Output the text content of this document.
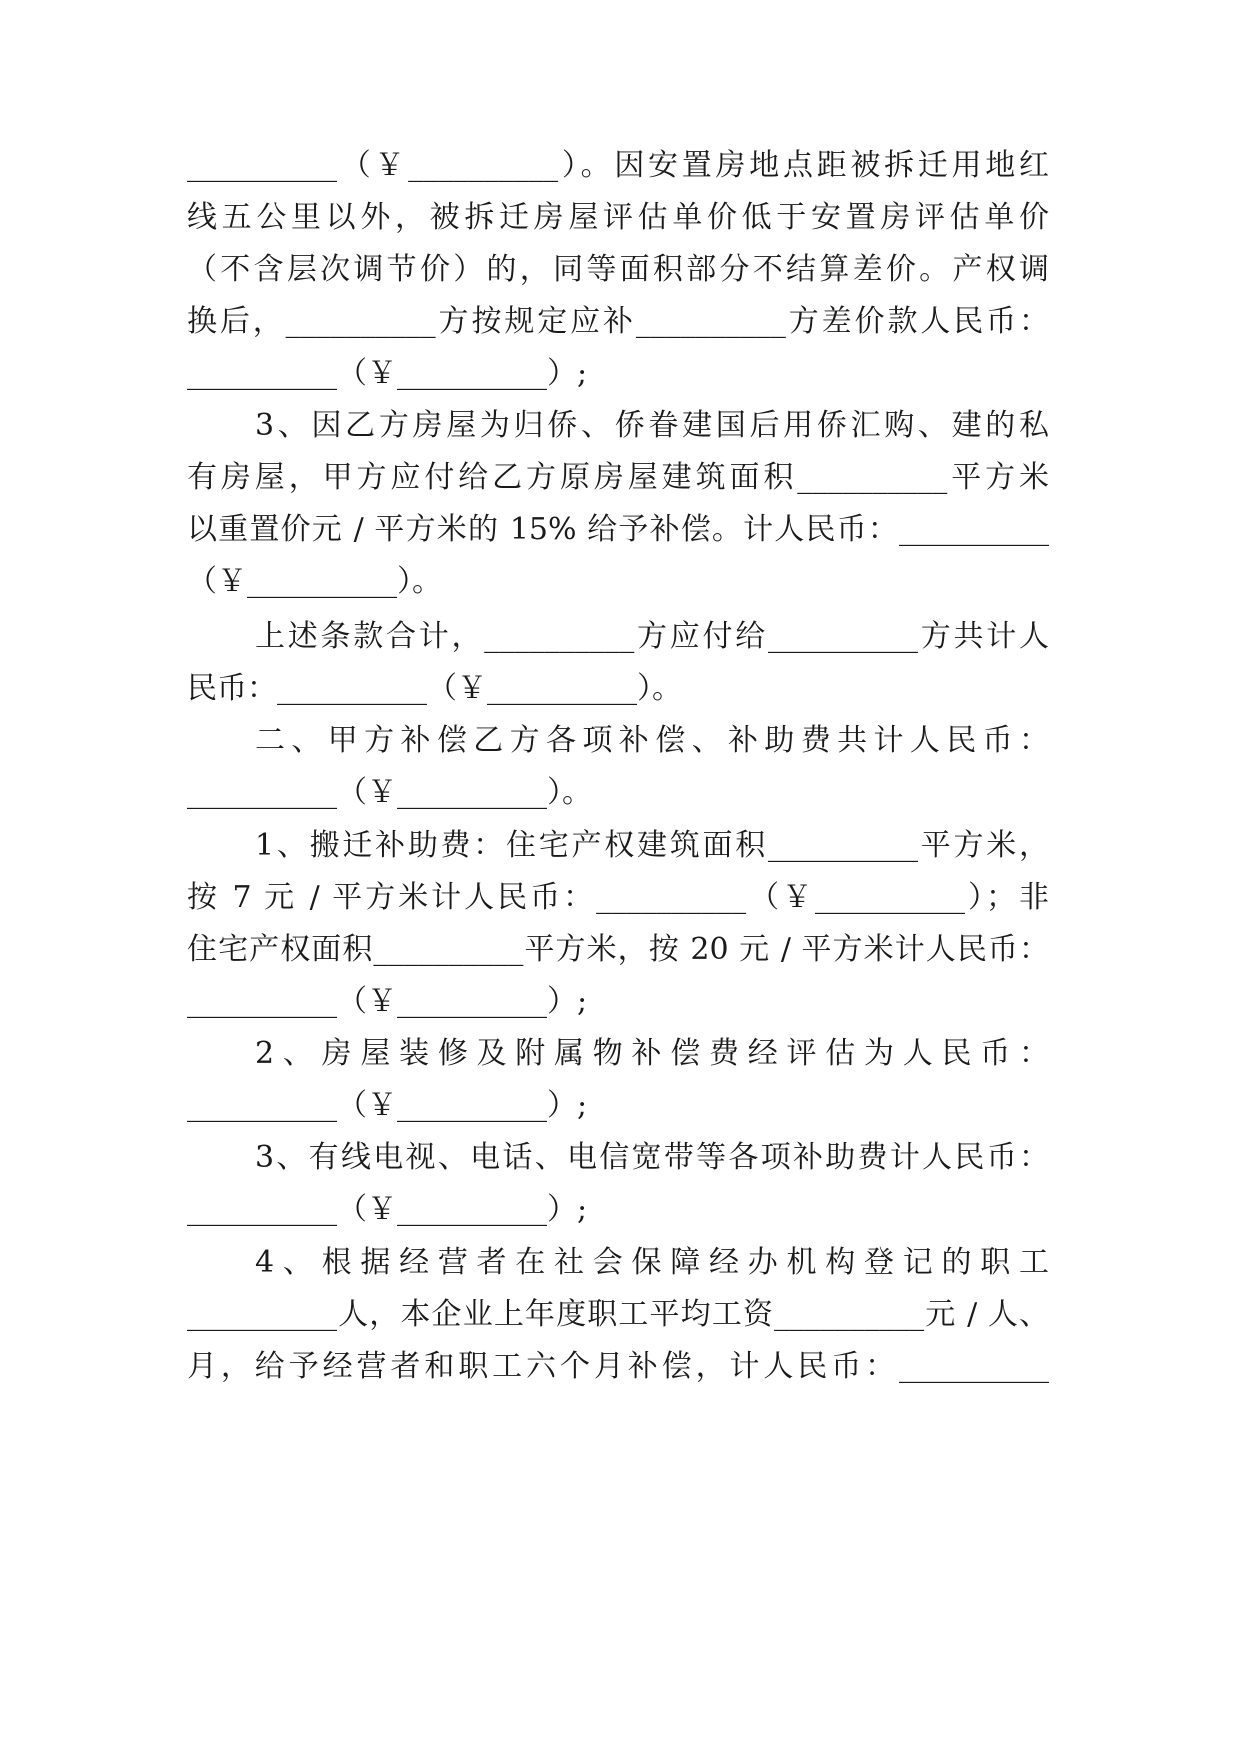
__________（￥__________）。因安置房地点距被拆迁用地红
线五公里以外，被拆迁房屋评估单价低于安置房评估单价
（不含层次调节价）的，同等面积部分不结算差价。产权调
换后，__________方按规定应补__________方差价款人民币：
__________（￥__________）;
3、因乙方房屋为归侨、侨眷建国后用侨汇购、建的私
有房屋，甲方应付给乙方原房屋建筑面积__________平方米
以重置价元 / 平方米的 15% 给予补偿。计人民币：__________
（￥__________）。
上述条款合计，__________方应付给__________方共计人
民币：__________（￥__________）。
二、甲方补偿乙方各项补偿、补助费共计人民币：
__________（￥__________）。
1、搬迁补助费：住宅产权建筑面积__________平方米，
按 7 元 / 平方米计人民币：__________（￥__________）；非
住宅产权面积__________平方米，按 20 元 / 平方米计人民币：
__________（￥__________）;
2、房屋装修及附属物补偿费经评估为人民币：
__________（￥__________）;
3、有线电视、电话、电信宽带等各项补助费计人民币：
__________（￥__________）;
4、根据经营者在社会保障经办机构登记的职工
__________人，本企业上年度职工平均工资__________元 / 人、
月，给予经营者和职工六个月补偿，计人民币：__________
